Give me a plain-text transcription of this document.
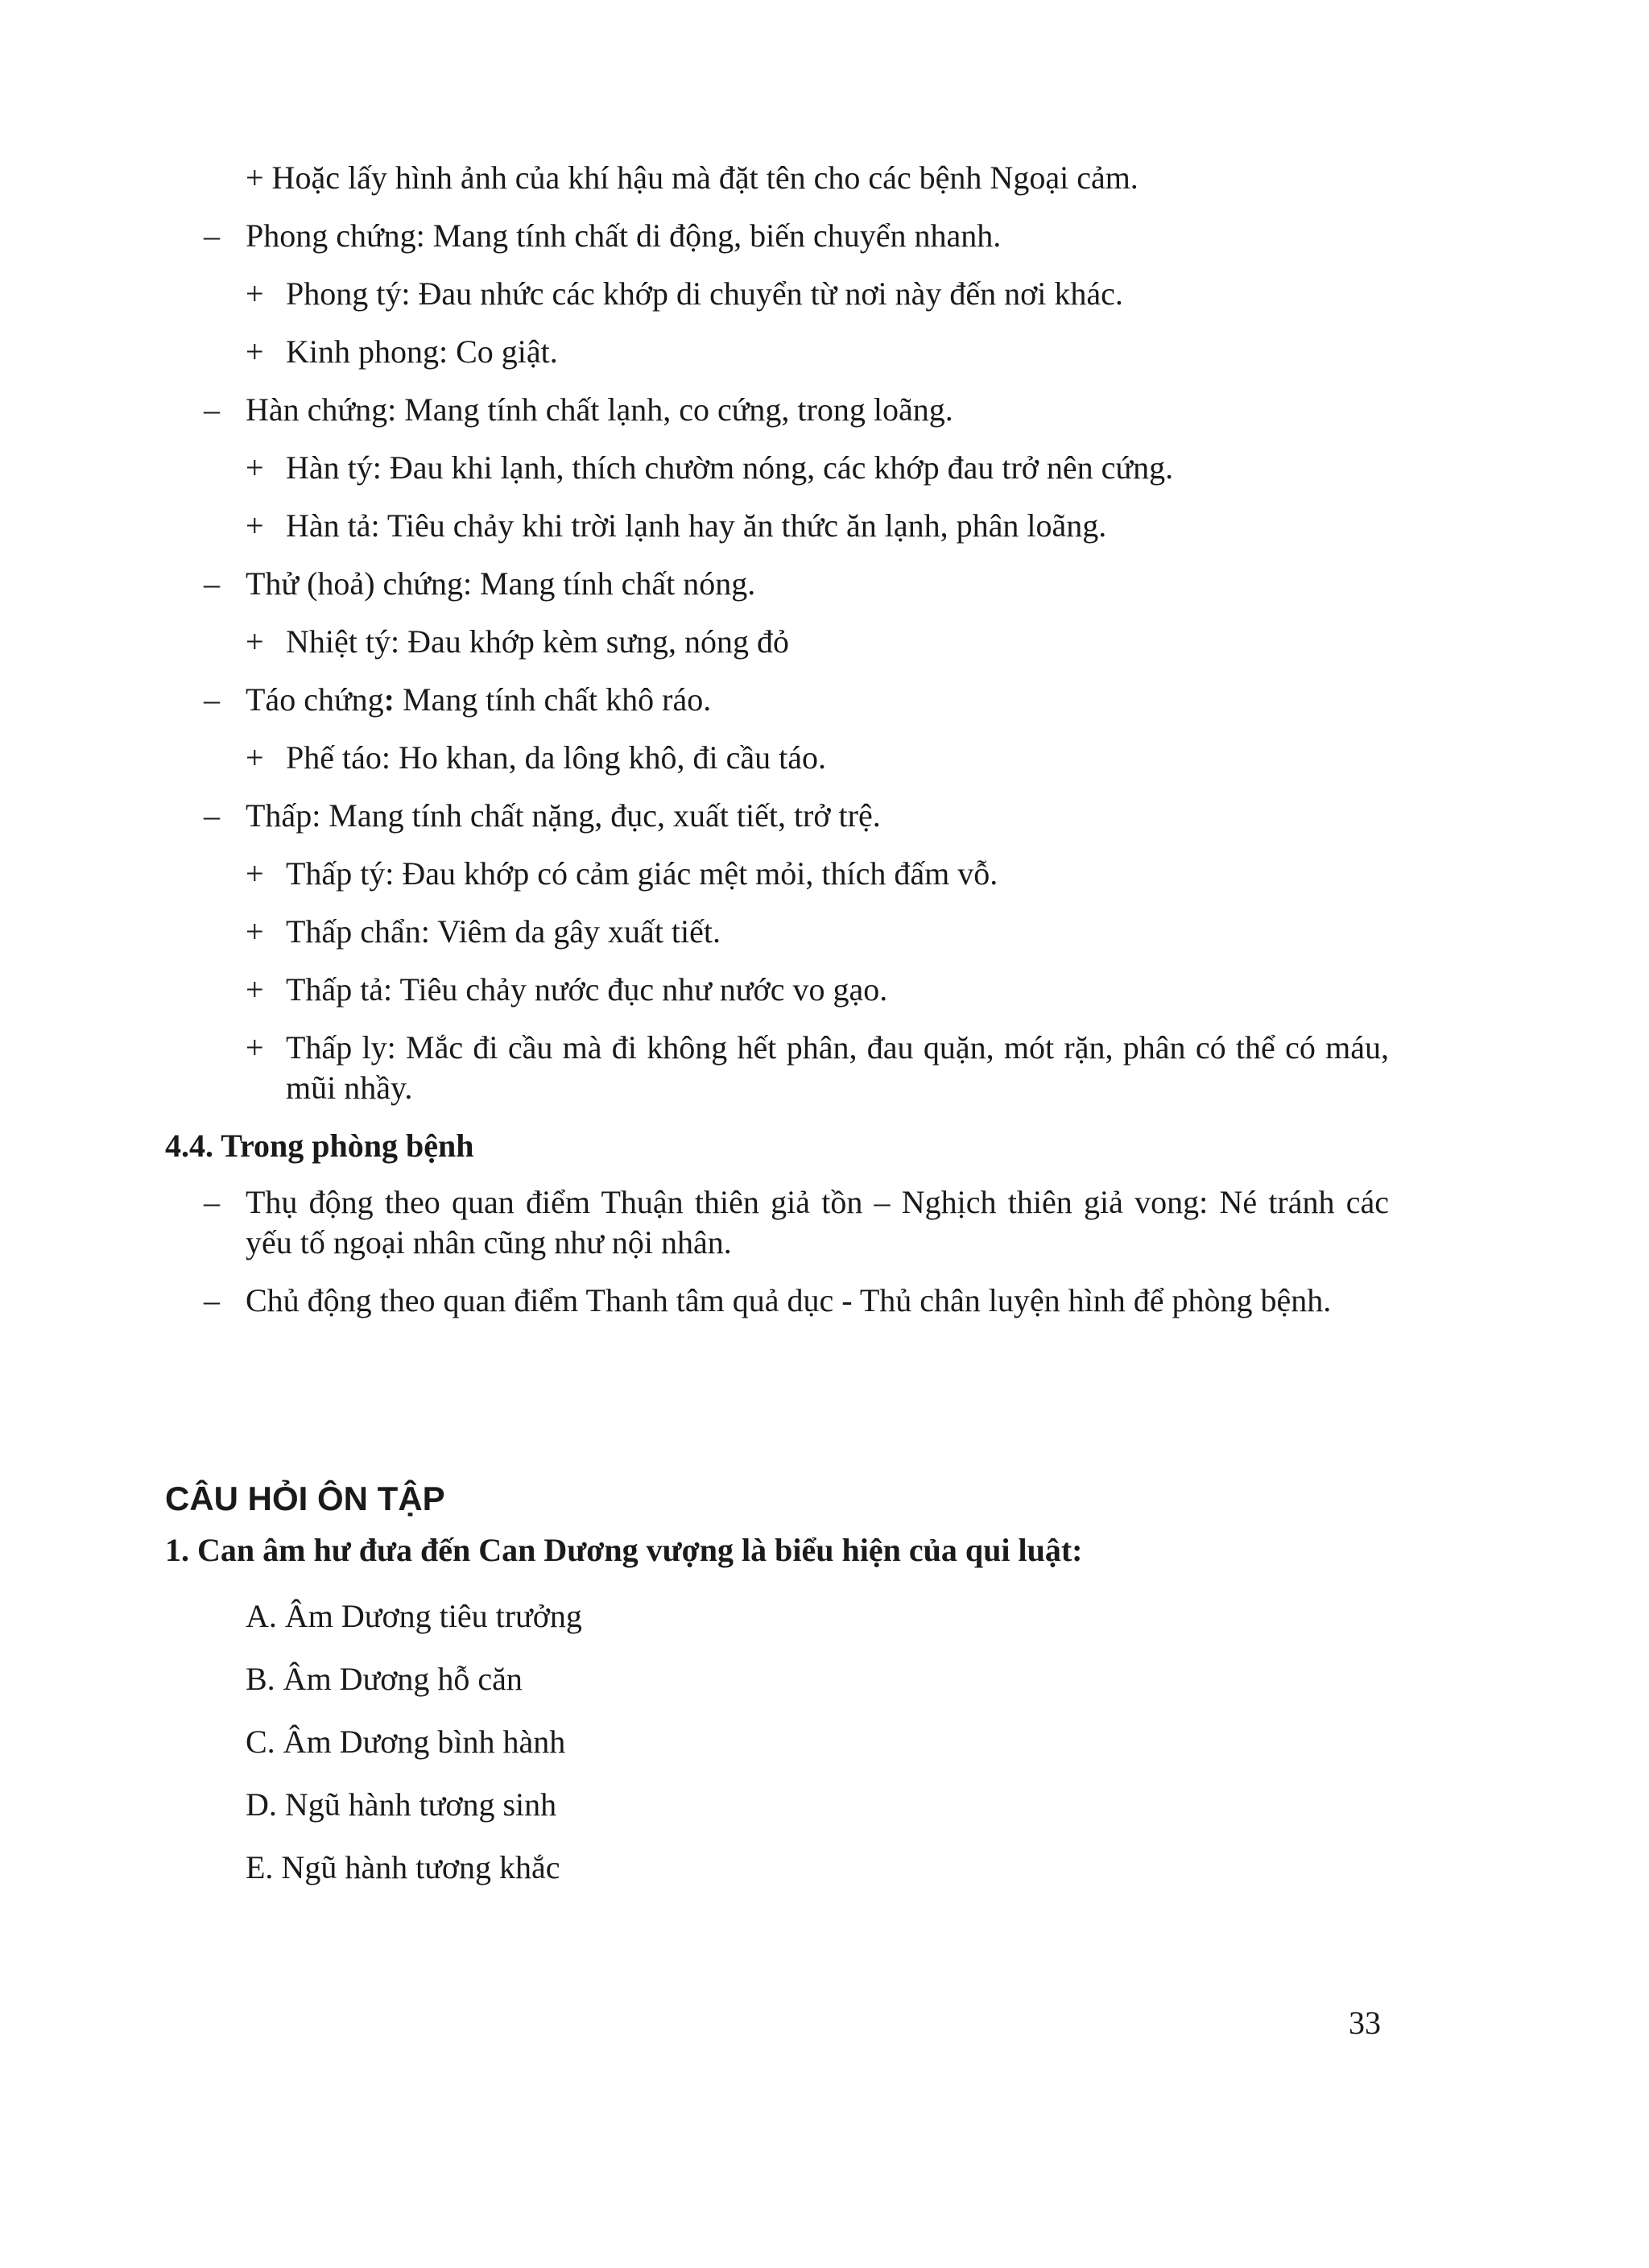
+ Hoặc lấy hình ảnh của khí hậu mà đặt tên cho các bệnh Ngoại cảm.
– Phong chứng: Mang tính chất di động, biến chuyển nhanh.
+ Phong tý: Đau nhức các khớp di chuyển từ nơi này đến nơi khác.
+ Kinh phong: Co giật.
– Hàn chứng: Mang tính chất lạnh, co cứng, trong loãng.
+ Hàn tý: Đau khi lạnh, thích chườm nóng, các khớp đau trở nên cứng.
+ Hàn tả: Tiêu chảy khi trời lạnh hay ăn thức ăn lạnh, phân loãng.
– Thử (hoả) chứng: Mang tính chất nóng.
+ Nhiệt tý: Đau khớp kèm sưng, nóng đỏ
– Táo chứng: Mang tính chất khô ráo.
+ Phế táo: Ho khan, da lông khô, đi cầu táo.
– Thấp: Mang tính chất nặng, đục, xuất tiết, trở trệ.
+ Thấp tý: Đau khớp có cảm giác mệt mỏi, thích đấm vỗ.
+ Thấp chẩn: Viêm da gây xuất tiết.
+ Thấp tả: Tiêu chảy nước đục như nước vo gạo.
+ Thấp ly: Mắc đi cầu mà đi không hết phân, đau quặn, mót rặn, phân có thể có máu, mũi nhầy.
4.4. Trong phòng bệnh
– Thụ động theo quan điểm Thuận thiên giả tồn – Nghịch thiên giả vong: Né tránh các yếu tố ngoại nhân cũng như nội nhân.
– Chủ động theo quan điểm Thanh tâm quả dục - Thủ chân luyện hình để phòng bệnh.
CÂU HỎI ÔN TẬP
1. Can âm hư đưa đến Can Dương vượng là biểu hiện của qui luật:
A. Âm Dương tiêu trưởng
B. Âm Dương hỗ căn
C. Âm Dương bình hành
D. Ngũ hành tương sinh
E. Ngũ hành tương khắc
33
